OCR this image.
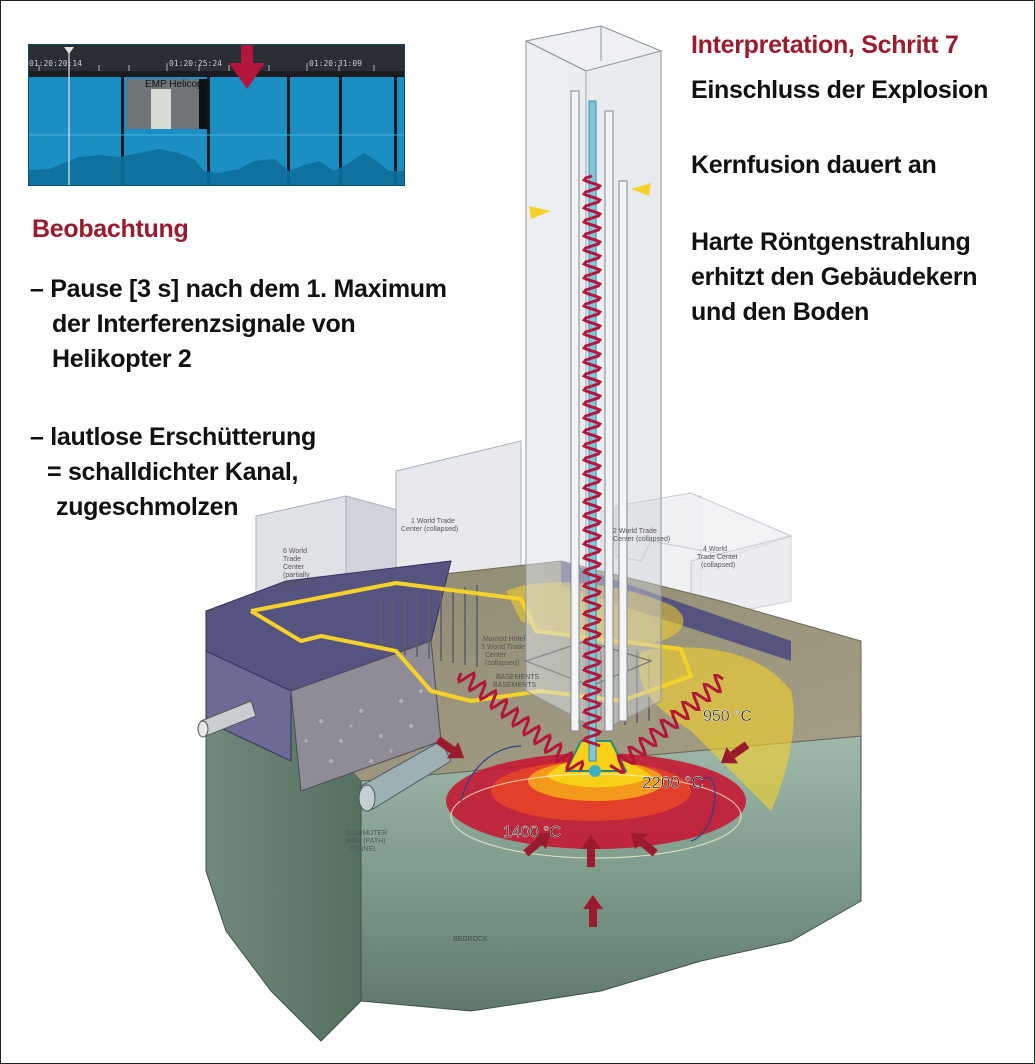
950 °C
2200 °C
1400 °C
6 World Trade Center (partially collapsed)
1 World Trade Center (collapsed)	2 World Trade Center (collapsed)
4 World Trade Center (collapsed)
Marriott Hotel 3 World Trade Center (collapsed)
BASEMENTS BASEMENTS
COMMUTER RAIL (PATH) TUNNEL
BEDROCK
01:20:20:14	01:20:25:24	01:20:31:09
EMP Helicop
Beobachtung
– Pause [3 s] nach dem 1. Maximum
der Interferenzsignale von
Helikopter 2
– lautlose Erschütterung
= schalldichter Kanal,
zugeschmolzen
Interpretation, Schritt 7
Einschluss der Explosion
Kernfusion dauert an
Harte Röntgenstrahlung
erhitzt den Gebäudekern
und den Boden
